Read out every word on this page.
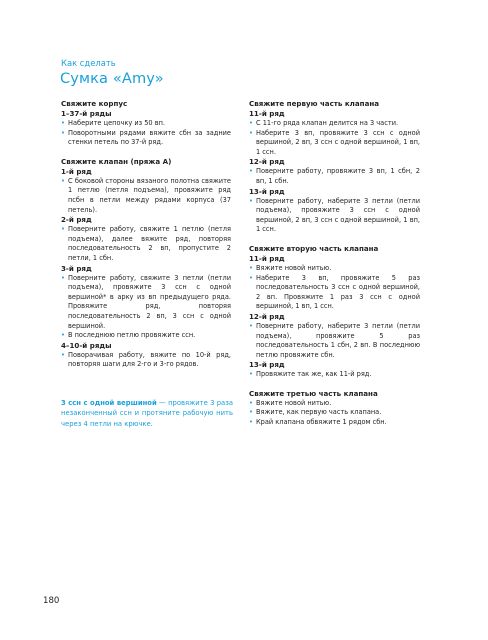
Как сделать
Сумка «Amy»
Свяжите корпус
1–37-й ряды
• Наберите цепочку из 50 вп.
• Поворотными рядами вяжите сбн за задние стенки петель по 37-й ряд.
Свяжите клапан (пряжа А)
1-й ряд
• С боковой стороны вязаного полотна свяжите 1 петлю (петля подъема), провяжите ряд псбн в петли между рядами корпуса (37 петель).
2-й ряд
• Поверните работу, свяжите 1 петлю (петля подъема), далее вяжите ряд, повторяя последовательность 2 вп, пропустите 2 петли, 1 сбн.
3-й ряд
• Поверните работу, свяжите 3 петли (петли подъема), провяжите 3 ссн с одной вершиной* в арку из вп предыдущего ряда. Провяжите ряд, повторяя последовательность 2 вп, 3 ссн с одной вершиной.
• В последнюю петлю провяжите ссн.
4–10-й ряды
• Поворачивая работу, вяжите по 10-й ряд, повторяя шаги для 2-го и 3-го рядов.
Свяжите первую часть клапана
11-й ряд
• С 11-го ряда клапан делится на 3 части.
• Наберите 3 вп, провяжите 3 ссн с одной вершиной, 2 вп, 3 ссн с одной вершиной, 1 вп, 1 ссн.
12-й ряд
• Поверните работу, провяжите 3 вп, 1 сбн, 2 вп, 1 сбн.
13-й ряд
• Поверните работу, наберите 3 петли (петли подъема), провяжите 3 ссн с одной вершиной, 2 вп, 3 ссн с одной вершиной, 1 вп, 1 ссн.
Свяжите вторую часть клапана
11-й ряд
• Вяжите новой нитью.
• Наберите 3 вп, провяжите 5 раз последовательность 3 ссн с одной вершиной, 2 вп. Провяжите 1 раз 3 ссн с одной вершиной, 1 вп, 1 ссн.
12-й ряд
• Поверните работу, наберите 3 петли (петли подъема), провяжите 5 раз последовательность 1 сбн, 2 вп. В последнюю петлю провяжите сбн.
13-й ряд
• Провяжите так же, как 11-й ряд.
Свяжите третью часть клапана
• Вяжите новой нитью.
• Вяжите, как первую часть клапана.
• Край клапана обвяжите 1 рядом сбн.
3 ссн с одной вершиной — провяжите 3 раза незаконченный ссн и протяните рабочую нить через 4 петли на крючке.
180
